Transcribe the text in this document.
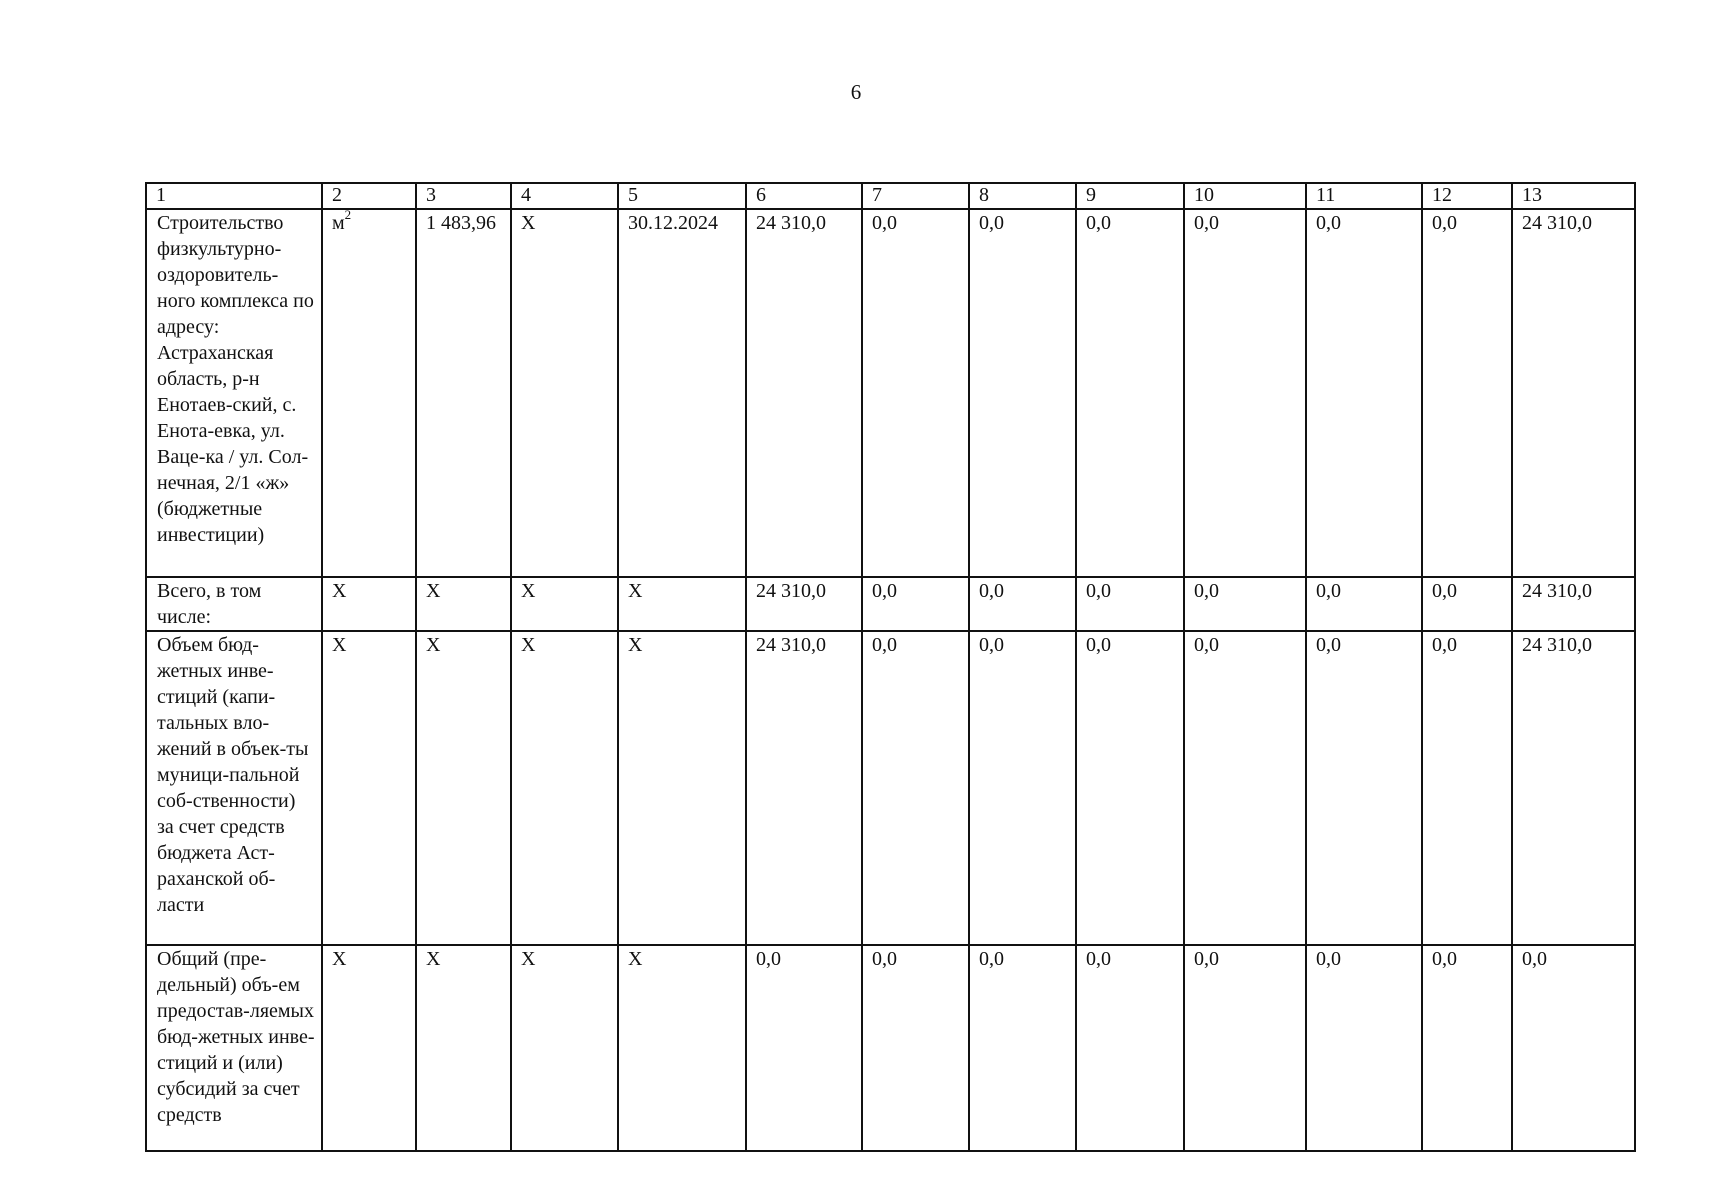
6
1	2	3	4	5	6	7	8	9	10	11	12	13
Строительство физкультурно-оздоровитель-ного комплекса по адресу: Астраханская область, р-н Енотаев-ский, с. Енота-евка, ул. Ваце-ка / ул. Сол-нечная, 2/1 «ж» (бюджетные инвестиции)	$м^2$	1 483,96	X	30.12.2024	24 310,0	0,0	0,0	0,0	0,0	0,0	0,0	24 310,0
Всего, в том числе:	X	X	X	X	24 310,0	0,0	0,0	0,0	0,0	0,0	0,0	24 310,0
Объем бюд-жетных инве-стиций (капи-тальных вло-жений в объек-ты муници-пальной соб-ственности) за счет средств бюджета Аст-раханской об-ласти	X	X	X	X	24 310,0	0,0	0,0	0,0	0,0	0,0	0,0	24 310,0
Общий (пре-дельный) объ-ем предостав-ляемых бюд-жетных инве-стиций и (или) субсидий за счет средств	X	X	X	X	0,0	0,0	0,0	0,0	0,0	0,0	0,0	0,0
